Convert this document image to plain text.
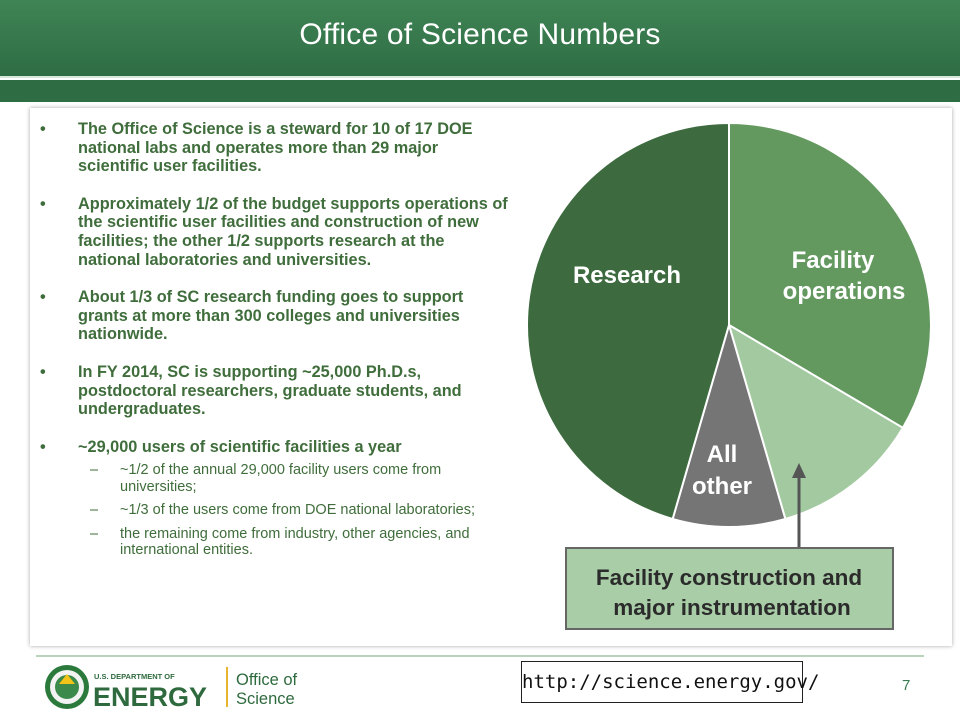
Office of Science Numbers
• The Office of Science is a steward for 10 of 17 DOE national labs and operates more than 29 major scientific user facilities.
• Approximately 1/2 of the budget supports operations of the scientific user facilities and construction of new facilities; the other 1/2 supports research at the national laboratories and universities.
• About 1/3 of SC research funding goes to support grants at more than 300 colleges and universities nationwide.
• In FY 2014, SC is supporting ~25,000 Ph.D.s, postdoctoral researchers, graduate students, and undergraduates.
• ~29,000 users of scientific facilities a year
– ~1/2 of the annual 29,000 facility users come from universities;
– ~1/3 of the users come from DOE national laboratories;
– the remaining come from industry, other agencies, and international entities.
Research
Facility
operations
All
other
Facility construction and
major instrumentation
U.S. DEPARTMENT OF
ENERGY
Office of
Science
http://science.energy.gov/	7
